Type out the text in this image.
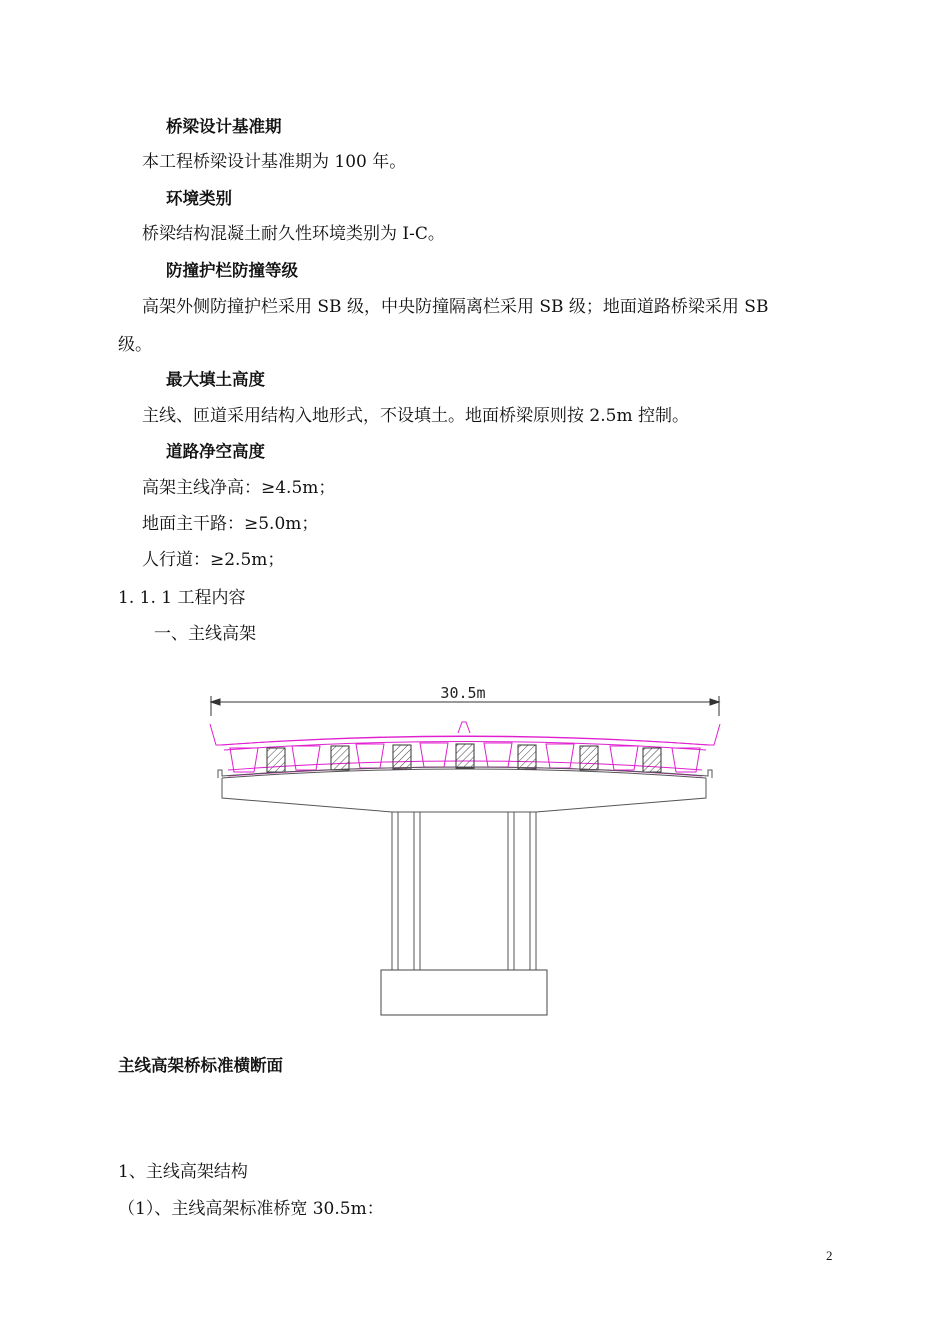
桥梁设计基准期
本工程桥梁设计基准期为 100 年。
环境类别
桥梁结构混凝土耐久性环境类别为 I-C。
防撞护栏防撞等级
高架外侧防撞护栏采用 SB 级，中央防撞隔离栏采用 SB 级；地面道路桥梁采用 SB
级。
最大填土高度
主线、匝道采用结构入地形式，不设填土。地面桥梁原则按 2.5m 控制。
道路净空高度
高架主线净高：≥4.5m；
地面主干路：≥5.0m；
人行道：≥2.5m；
1. 1. 1 工程内容
一、主线高架
30.5m
主线高架桥标准横断面
1、主线高架结构
（1）、主线高架标准桥宽 30.5m：
2
